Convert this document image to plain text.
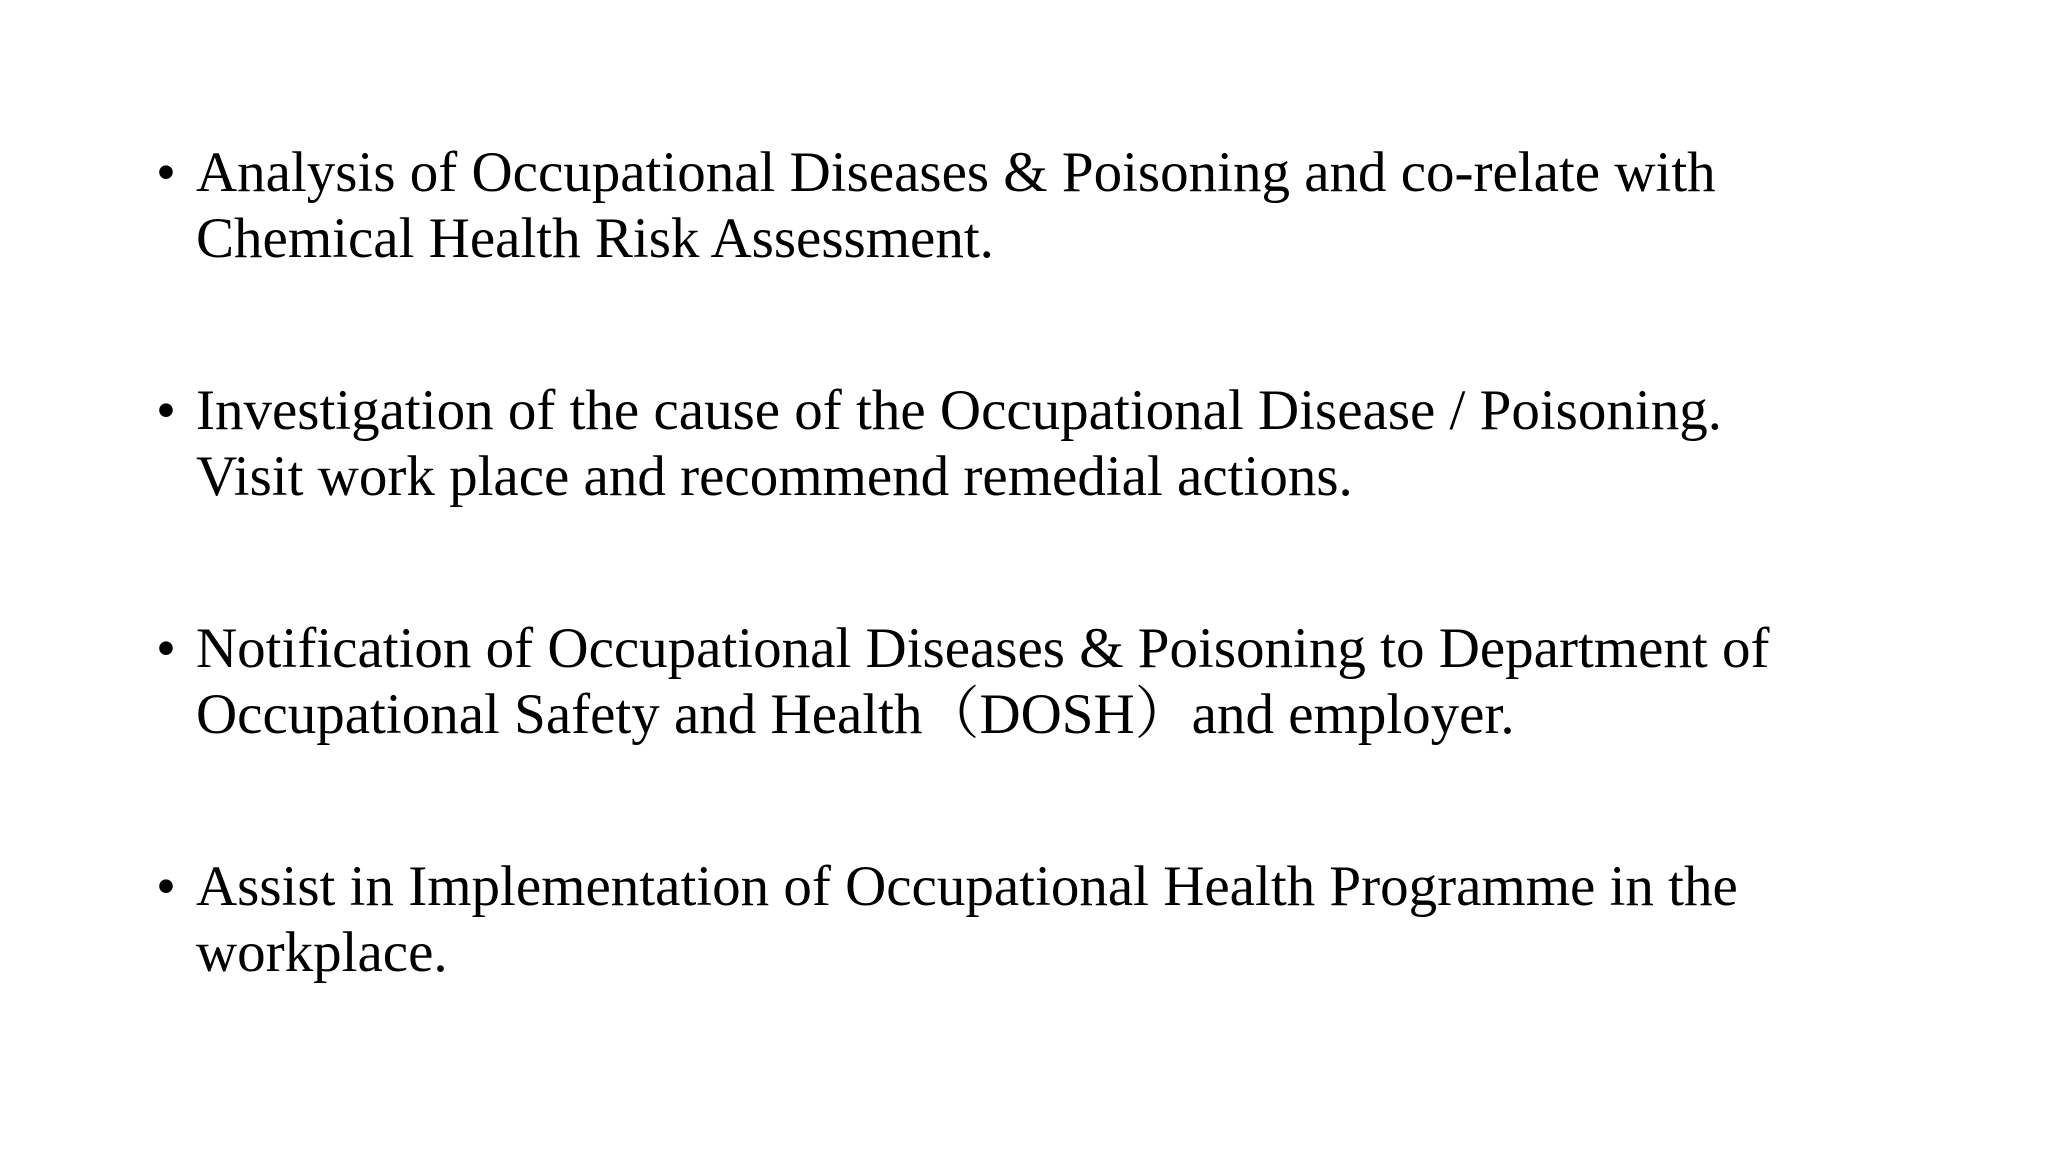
• Analysis of Occupational Diseases & Poisoning and co-relate with
Chemical Health Risk Assessment.
• Investigation of the cause of the Occupational Disease / Poisoning.
Visit work place and recommend remedial actions.
• Notification of Occupational Diseases & Poisoning to Department of
Occupational Safety and Health（DOSH）and employer.
• Assist in Implementation of Occupational Health Programme in the
workplace.
